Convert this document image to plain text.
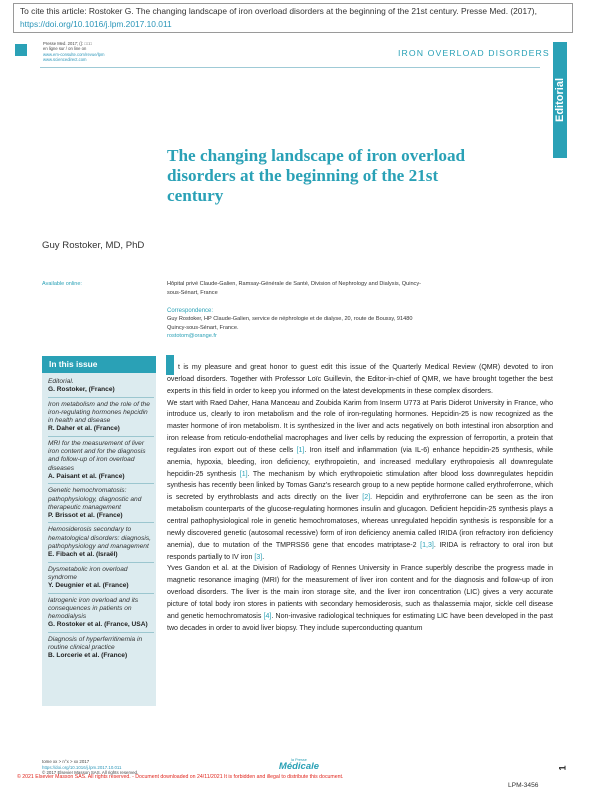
To cite this article: Rostoker G. The changing landscape of iron overload disorders at the beginning of the 21st century. Presse Med. (2017), https://doi.org/10.1016/j.lpm.2017.10.011
Presse Med. 2017; (): □□□
en ligne sur / on line on
www.em-consulte.com/revue/lpm
www.sciencedirect.com
IRON OVERLOAD DISORDERS
Editorial
The changing landscape of iron overload disorders at the beginning of the 21st century
Guy Rostoker, MD, PhD
Available online:	Hôpital privé Claude-Galien, Ramsay-Générale de Santé, Division of Nephrology and Dialysis, Quincy-sous-Sénart, France
Correspondence:
Guy Rostoker, HP Claude-Galien, service de néphrologie et de dialyse, 20, route de Boussy, 91480 Quincy-sous-Sénart, France.
rostotom@orange.fr
In this issue
Editorial.
G. Rostoker, (France)
Iron metabolism and the role of the iron-regulating hormones hepcidin in health and disease
R. Daher et al. (France)
MRI for the measurement of liver iron content and for the diagnosis and follow-up of iron overload diseases
A. Paisant et al. (France)
Genetic hemochromatosis: pathophysiology, diagnostic and therapeutic management
P. Brissot et al. (France)
Hemosiderosis secondary to hematological disorders: diagnosis, pathophysiology and management
E. Fibach et al. (Israël)
Dysmetabolic iron overload syndrome
Y. Deugnier et al. (France)
Iatrogenic iron overload and its consequences in patients on hemodialysis
G. Rostoker et al. (France, USA)
Diagnosis of hyperferritinemia in routine clinical practice
B. Lorcerie et al. (France)

t is my pleasure and great honor to guest edit this issue of the Quarterly Medical Review (QMR) devoted to iron overload disorders. Together with Professor Loïc Guillevin, the Editor-in-chief of QMR, we have brought together the best experts in this field in order to keep you informed on the latest developments in these complex disorders.

We start with Raed Daher, Hana Manceau and Zoubida Karim from Inserm U773 at Paris Diderot University in France, who introduce us, clearly to iron metabolism and the role of iron-regulating hormones. Hepcidin-25 is now recognized as the master hormone of iron metabolism. It is synthesized in the liver and acts negatively on both intestinal iron absorption and iron release from reticulo-endothelial macrophages and liver cells by reducing the expression of ferroportin, a protein that regulates iron export out of these cells [1]. Iron itself and inflammation (via IL-6) enhance hepcidin-25 synthesis, while anemia, hypoxia, bleeding, iron deficiency, erythropoietin, and increased medullary erythropoiesis all downregulate hepcidin-25 synthesis [1]. The mechanism by which erythropoietic stimulation after blood loss downregulates hepcidin synthesis has recently been linked by Tomas Ganz’s research group to a new peptide hormone called erythroferrone, which is secreted by erythroblasts and acts directly on the liver [2]. Hepcidin and erythroferrone can be seen as the iron metabolism counterparts of the glucose-regulating hormones insulin and glucagon. Deficient hepcidin-25 synthesis plays a central pathophysiological role in genetic hemochromatoses, whereas unregulated hepcidin synthesis is responsible for a newly discovered genetic (autosomal recessive) form of iron deficiency anemia called IRIDA (iron refractory iron deficiency anemia), due to mutation of the TMPRSS6 gene that encodes matriptase-2 [1,3]. IRIDA is refractory to oral iron but responds partially to IV iron [3].

Yves Gandon et al. at the Division of Radiology of Rennes University in France superbly describe the progress made in magnetic resonance imaging (MRI) for the measurement of liver iron content and for the diagnosis and follow-up of iron overload disorders. The liver is the main iron storage site, and the liver iron concentration (LIC) gives a very accurate picture of total body iron stores in patients with secondary hemosiderosis, such as thalassemia major, sickle cell disease and genetic hemochromatosis [4]. Non-invasive radiological techniques for estimating LIC have been developed in the past two decades in order to avoid liver biopsy. They include superconducting quantum

tome xx > n°x > xx 2017
https://doi.org/10.1016/j.lpm.2017.10.011
© 2017 Elsevier Masson SAS. All rights reserved.
la Presse
Médicale	1
© 2021 Elsevier Masson SAS. All rights reserved. - Document downloaded on 24/11/2021 It is forbidden and illegal to distribute this document.
LPM-3456
